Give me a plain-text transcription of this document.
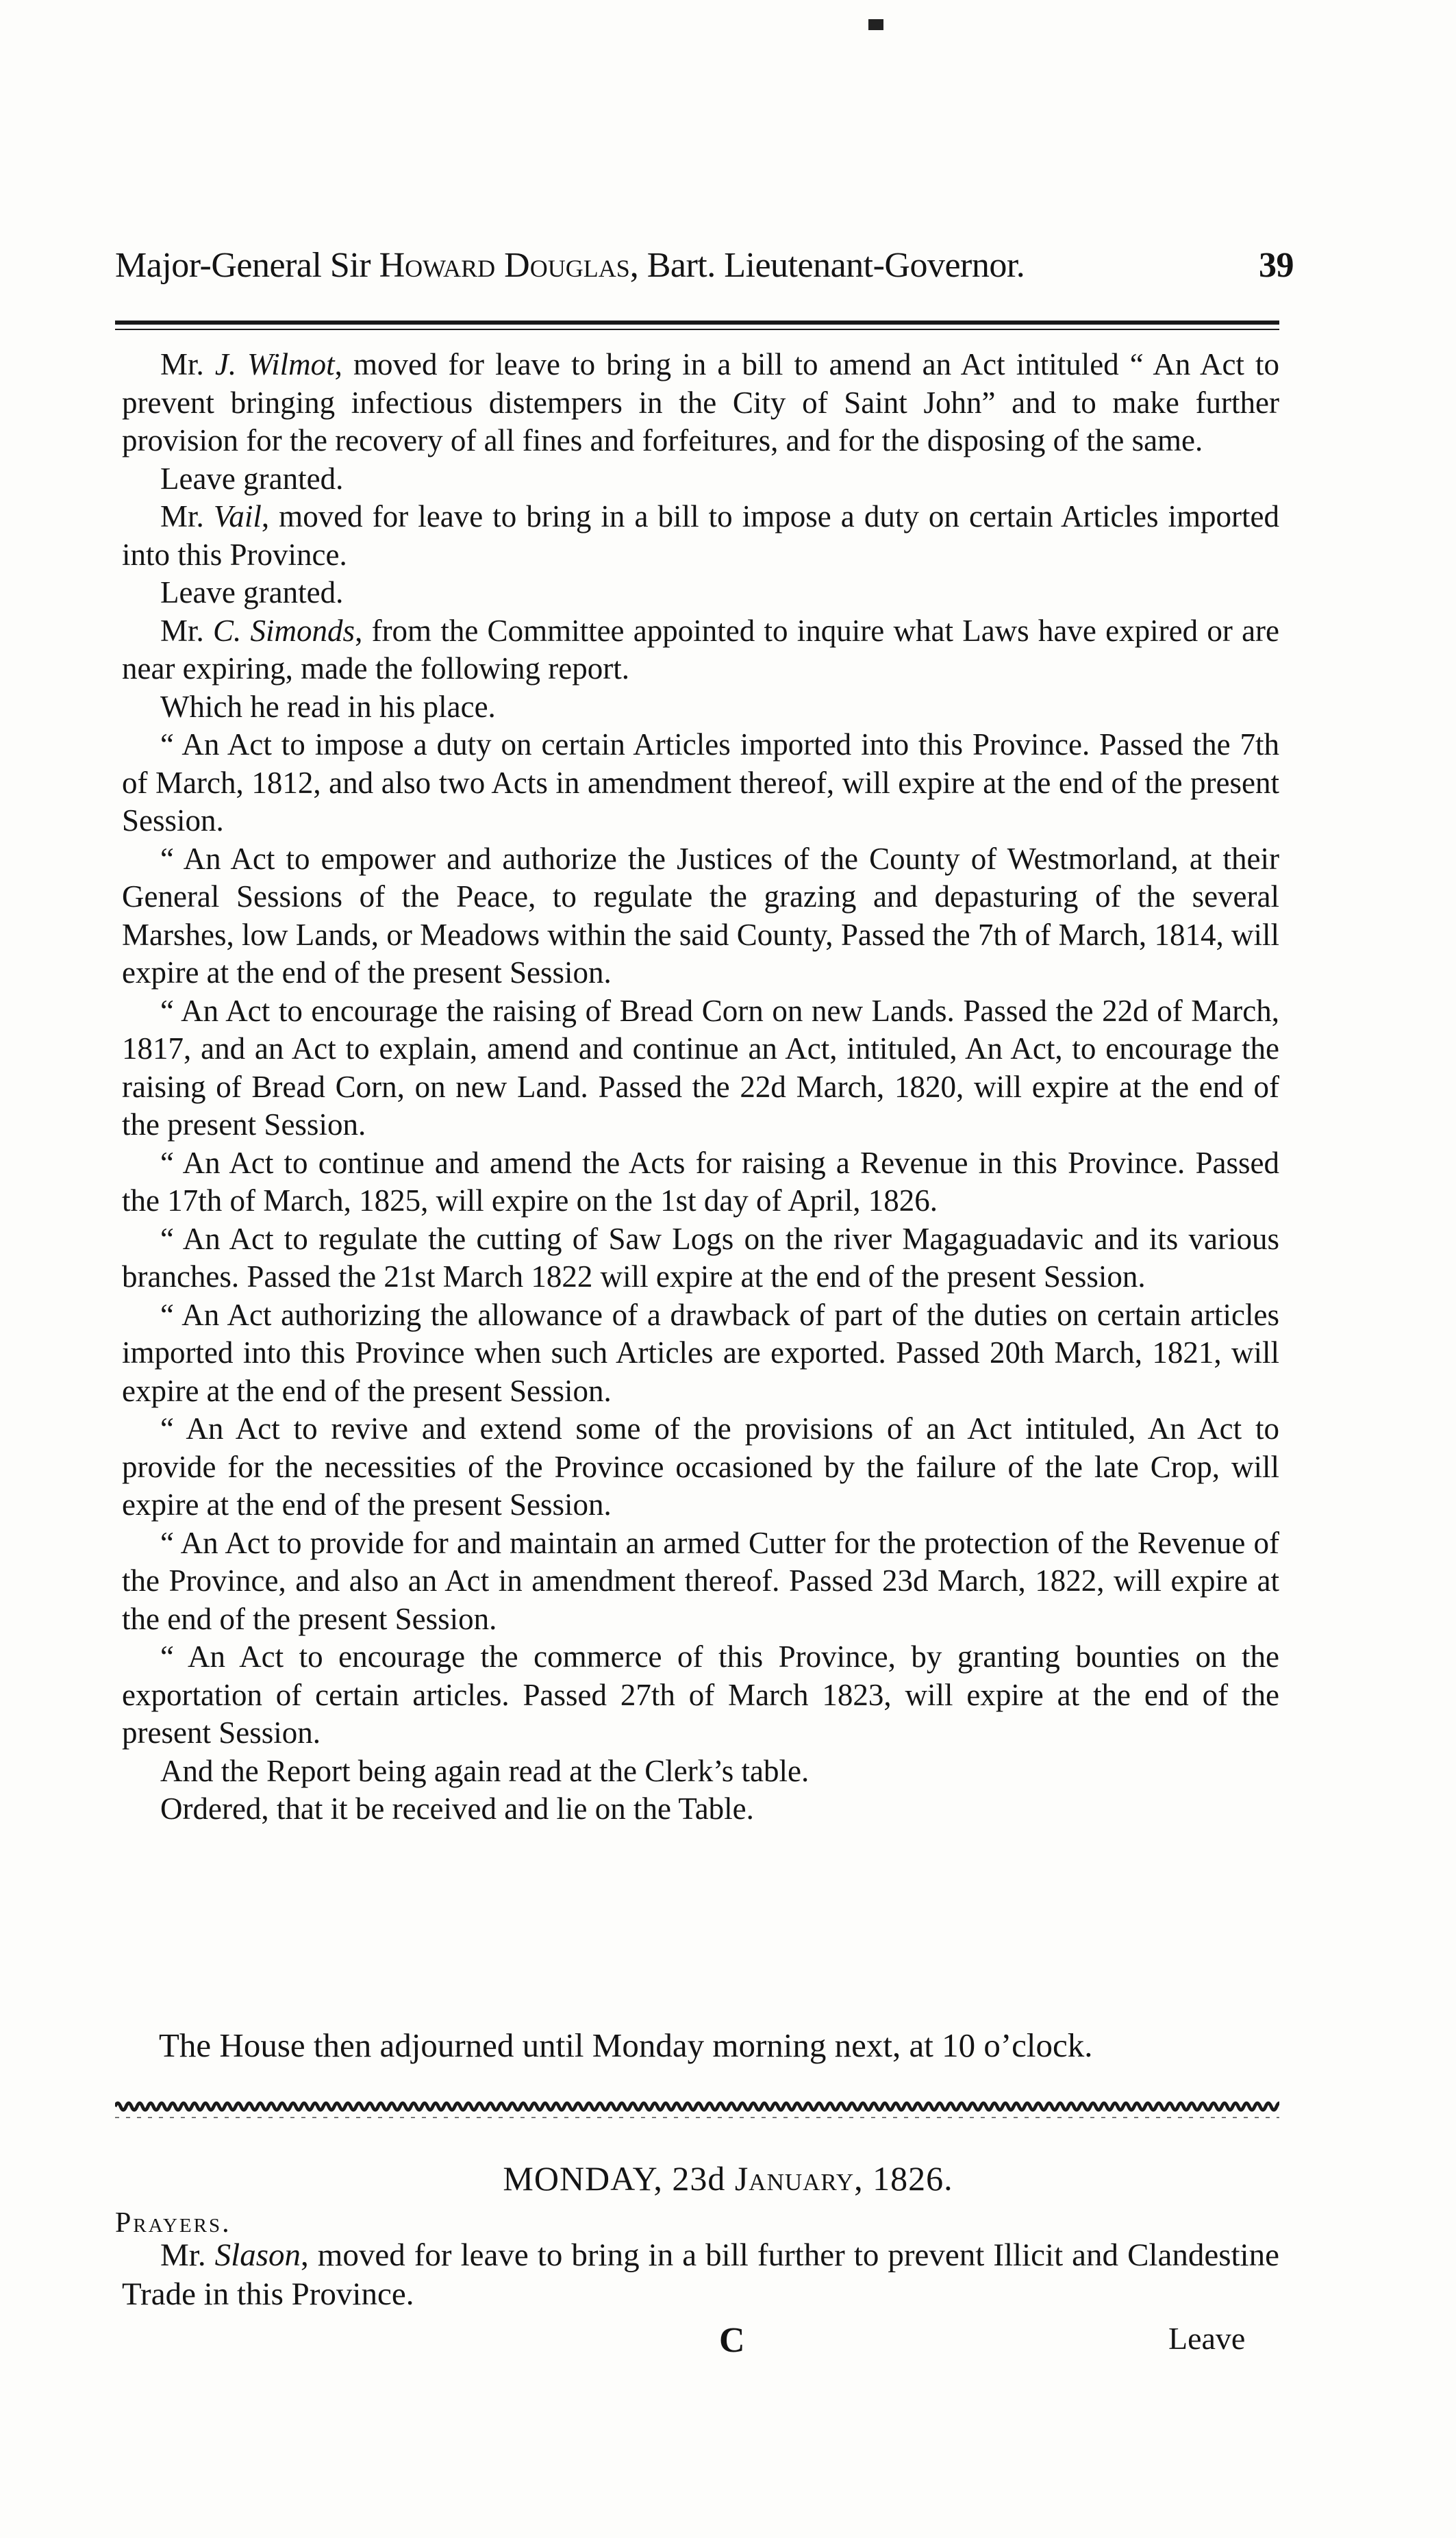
Major-General Sir Howard Douglas, Bart. Lieutenant-Governor.	39

Mr. J. Wilmot, moved for leave to bring in a bill to amend an Act intituled “ An Act to prevent bringing infectious distempers in the City of Saint John” and to make further provision for the recovery of all fines and forfeitures, and for the disposing of the same.

Leave granted.

Mr. Vail, moved for leave to bring in a bill to impose a duty on certain Articles imported into this Province.

Leave granted.

Mr. C. Simonds, from the Committee appointed to inquire what Laws have expired or are near expiring, made the following report.

Which he read in his place.

“ An Act to impose a duty on certain Articles imported into this Province. Passed the 7th of March, 1812, and also two Acts in amendment thereof, will expire at the end of the present Session.

“ An Act to empower and authorize the Justices of the County of Westmorland, at their General Sessions of the Peace, to regulate the grazing and depasturing of the several Marshes, low Lands, or Meadows within the said County, Passed the 7th of March, 1814, will expire at the end of the present Session.

“ An Act to encourage the raising of Bread Corn on new Lands. Passed the 22d of March, 1817, and an Act to explain, amend and continue an Act, intituled, An Act, to encourage the raising of Bread Corn, on new Land. Passed the 22d March, 1820, will expire at the end of the present Session.

“ An Act to continue and amend the Acts for raising a Revenue in this Province. Passed the 17th of March, 1825, will expire on the 1st day of April, 1826.

“ An Act to regulate the cutting of Saw Logs on the river Magaguadavic and its various branches. Passed the 21st March 1822 will expire at the end of the present Session.

“ An Act authorizing the allowance of a drawback of part of the duties on certain articles imported into this Province when such Articles are exported. Passed 20th March, 1821, will expire at the end of the present Session.

“ An Act to revive and extend some of the provisions of an Act intituled, An Act to provide for the necessities of the Province occasioned by the failure of the late Crop, will expire at the end of the present Session.

“ An Act to provide for and maintain an armed Cutter for the protection of the Revenue of the Province, and also an Act in amendment thereof. Passed 23d March, 1822, will expire at the end of the present Session.

“ An Act to encourage the commerce of this Province, by granting bounties on the exportation of certain articles. Passed 27th of March 1823, will expire at the end of the present Session.

And the Report being again read at the Clerk’s table.

Ordered, that it be received and lie on the Table.

The House then adjourned until Monday morning next, at 10 o’clock.
MONDAY, 23d January, 1826.
Prayers.

Mr. Slason, moved for leave to bring in a bill further to prevent Illicit and Clandestine Trade in this Province.

C	Leave
